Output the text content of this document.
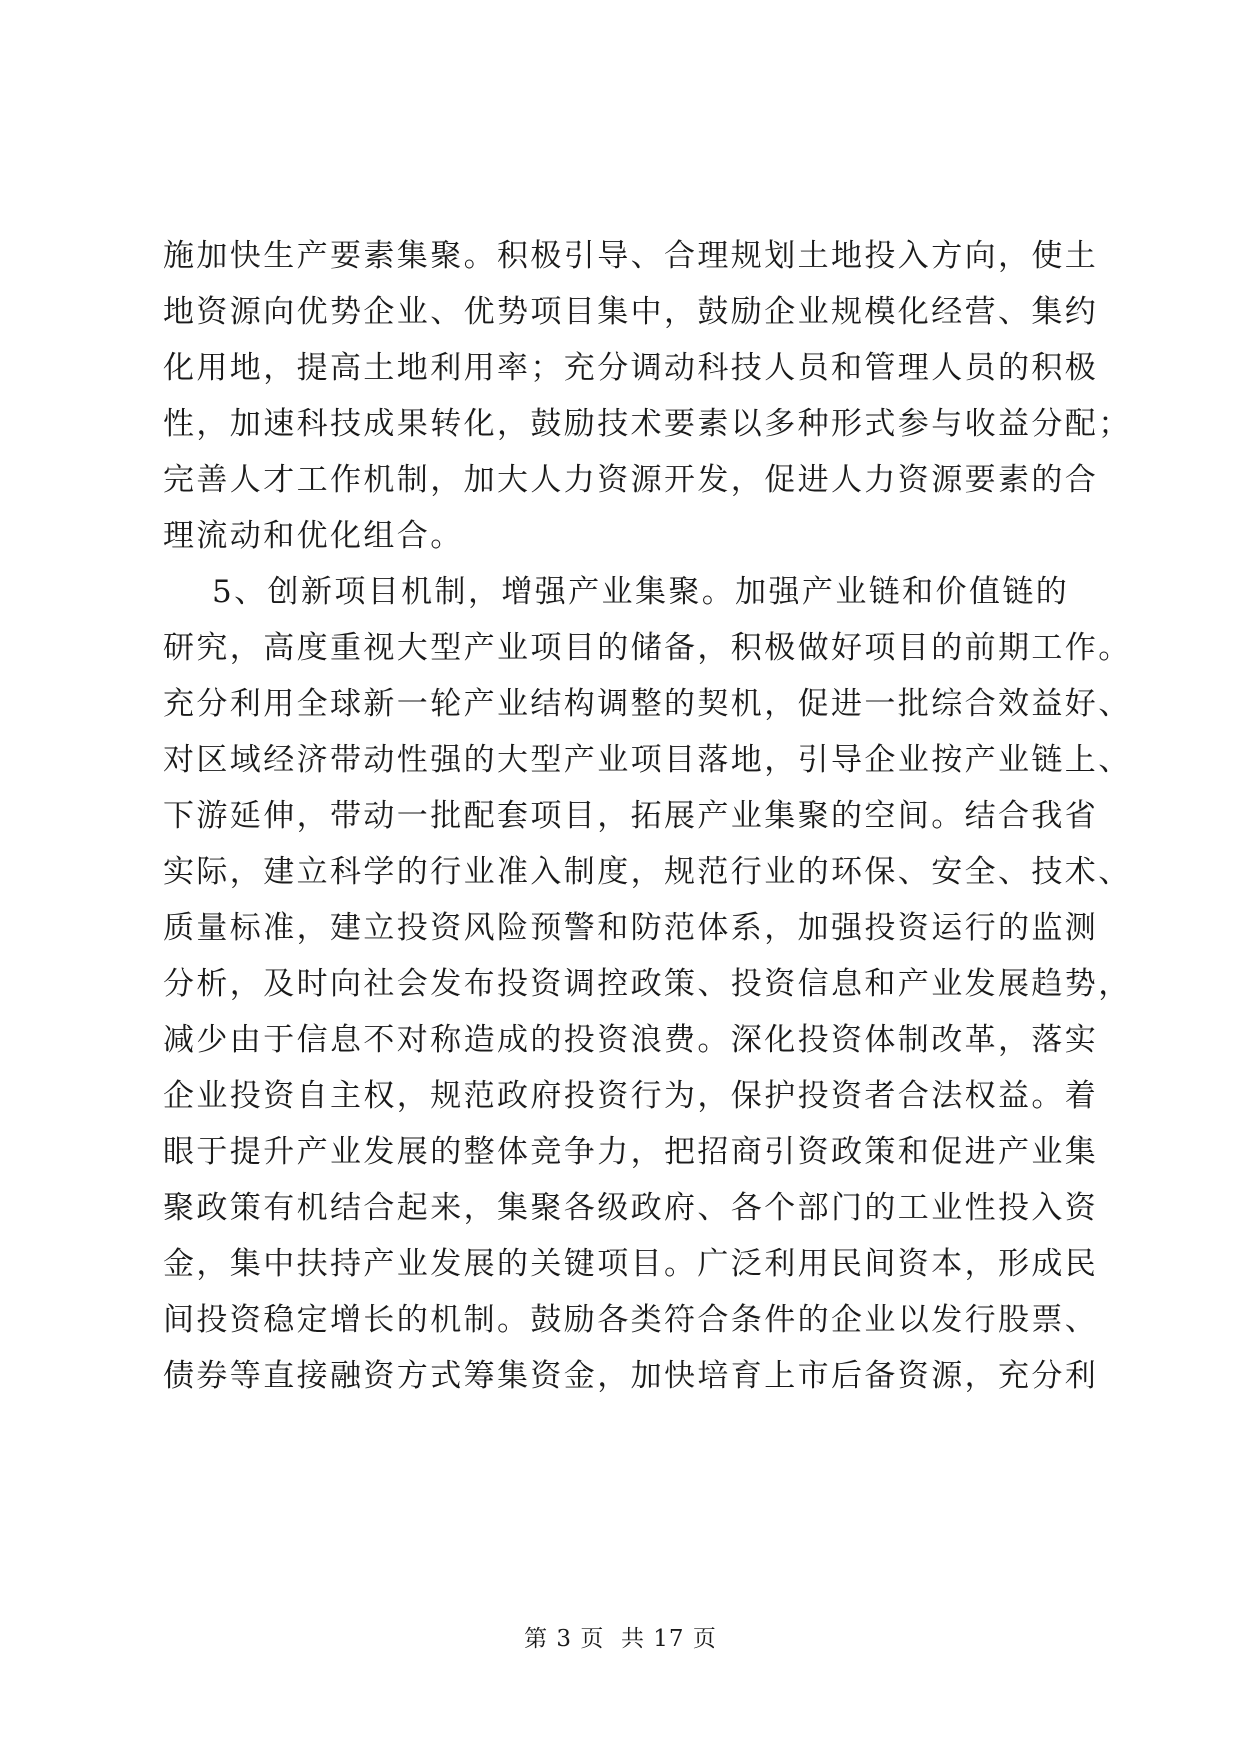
施加快生产要素集聚。积极引导、合理规划土地投入方向，使土
地资源向优势企业、优势项目集中，鼓励企业规模化经营、集约
化用地，提高土地利用率；充分调动科技人员和管理人员的积极
性，加速科技成果转化，鼓励技术要素以多种形式参与收益分配；
完善人才工作机制，加大人力资源开发，促进人力资源要素的合
理流动和优化组合。
5、创新项目机制，增强产业集聚。加强产业链和价值链的
研究，高度重视大型产业项目的储备，积极做好项目的前期工作。
充分利用全球新一轮产业结构调整的契机，促进一批综合效益好、
对区域经济带动性强的大型产业项目落地，引导企业按产业链上、
下游延伸，带动一批配套项目，拓展产业集聚的空间。结合我省
实际，建立科学的行业准入制度，规范行业的环保、安全、技术、
质量标准，建立投资风险预警和防范体系，加强投资运行的监测
分析，及时向社会发布投资调控政策、投资信息和产业发展趋势，
减少由于信息不对称造成的投资浪费。深化投资体制改革，落实
企业投资自主权，规范政府投资行为，保护投资者合法权益。着
眼于提升产业发展的整体竞争力，把招商引资政策和促进产业集
聚政策有机结合起来，集聚各级政府、各个部门的工业性投入资
金，集中扶持产业发展的关键项目。广泛利用民间资本，形成民
间投资稳定增长的机制。鼓励各类符合条件的企业以发行股票、
债券等直接融资方式筹集资金，加快培育上市后备资源，充分利
第 3 页  共 17 页
